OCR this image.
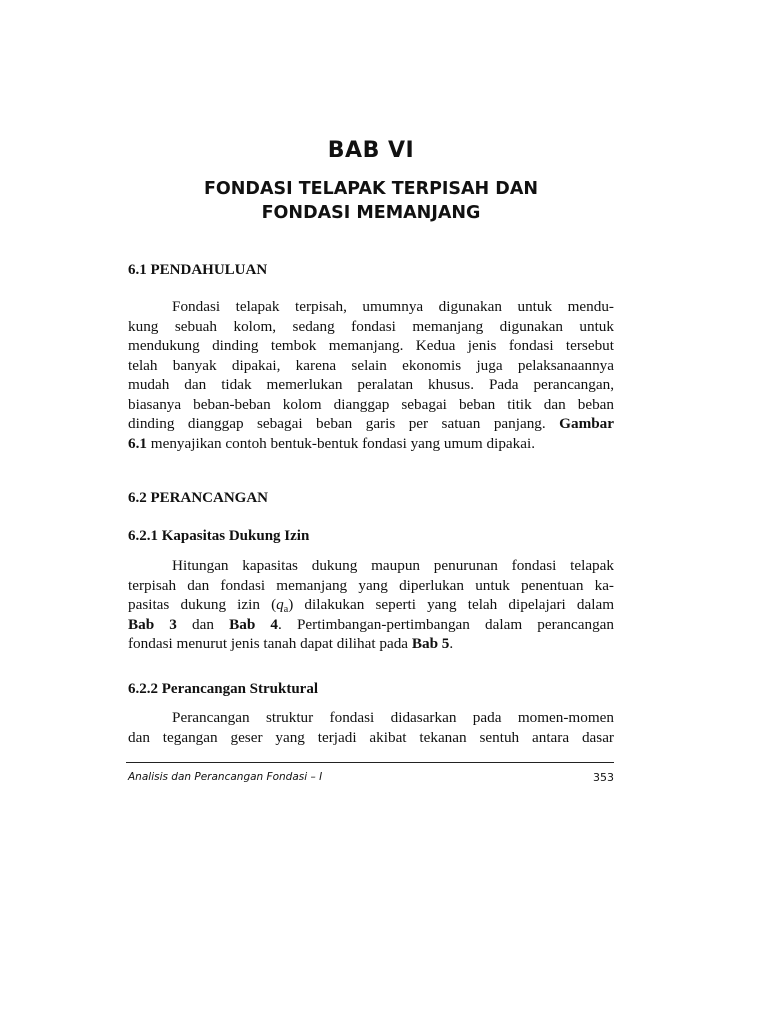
BAB VI
FONDASI TELAPAK TERPISAH DAN
FONDASI MEMANJANG
6.1 PENDAHULUAN
Fondasi telapak terpisah, umumnya digunakan untuk mendu-
kung sebuah kolom, sedang fondasi memanjang digunakan untuk
mendukung dinding tembok memanjang. Kedua jenis fondasi tersebut
telah banyak dipakai, karena selain ekonomis juga pelaksanaannya
mudah dan tidak memerlukan peralatan khusus. Pada perancangan,
biasanya beban-beban kolom dianggap sebagai beban titik dan beban
dinding dianggap sebagai beban garis per satuan panjang. Gambar
6.1 menyajikan contoh bentuk-bentuk fondasi yang umum dipakai.
6.2 PERANCANGAN
6.2.1 Kapasitas Dukung Izin
Hitungan kapasitas dukung maupun penurunan fondasi telapak
terpisah dan fondasi memanjang yang diperlukan untuk penentuan ka-
pasitas dukung izin $(q_a)$ dilakukan seperti yang telah dipelajari dalam
Bab 3 dan Bab 4. Pertimbangan-pertimbangan dalam perancangan
fondasi menurut jenis tanah dapat dilihat pada Bab 5.
6.2.2 Perancangan Struktural
Perancangan struktur fondasi didasarkan pada momen-momen
dan tegangan geser yang terjadi akibat tekanan sentuh antara dasar
Analisis dan Perancangan Fondasi – I	353
